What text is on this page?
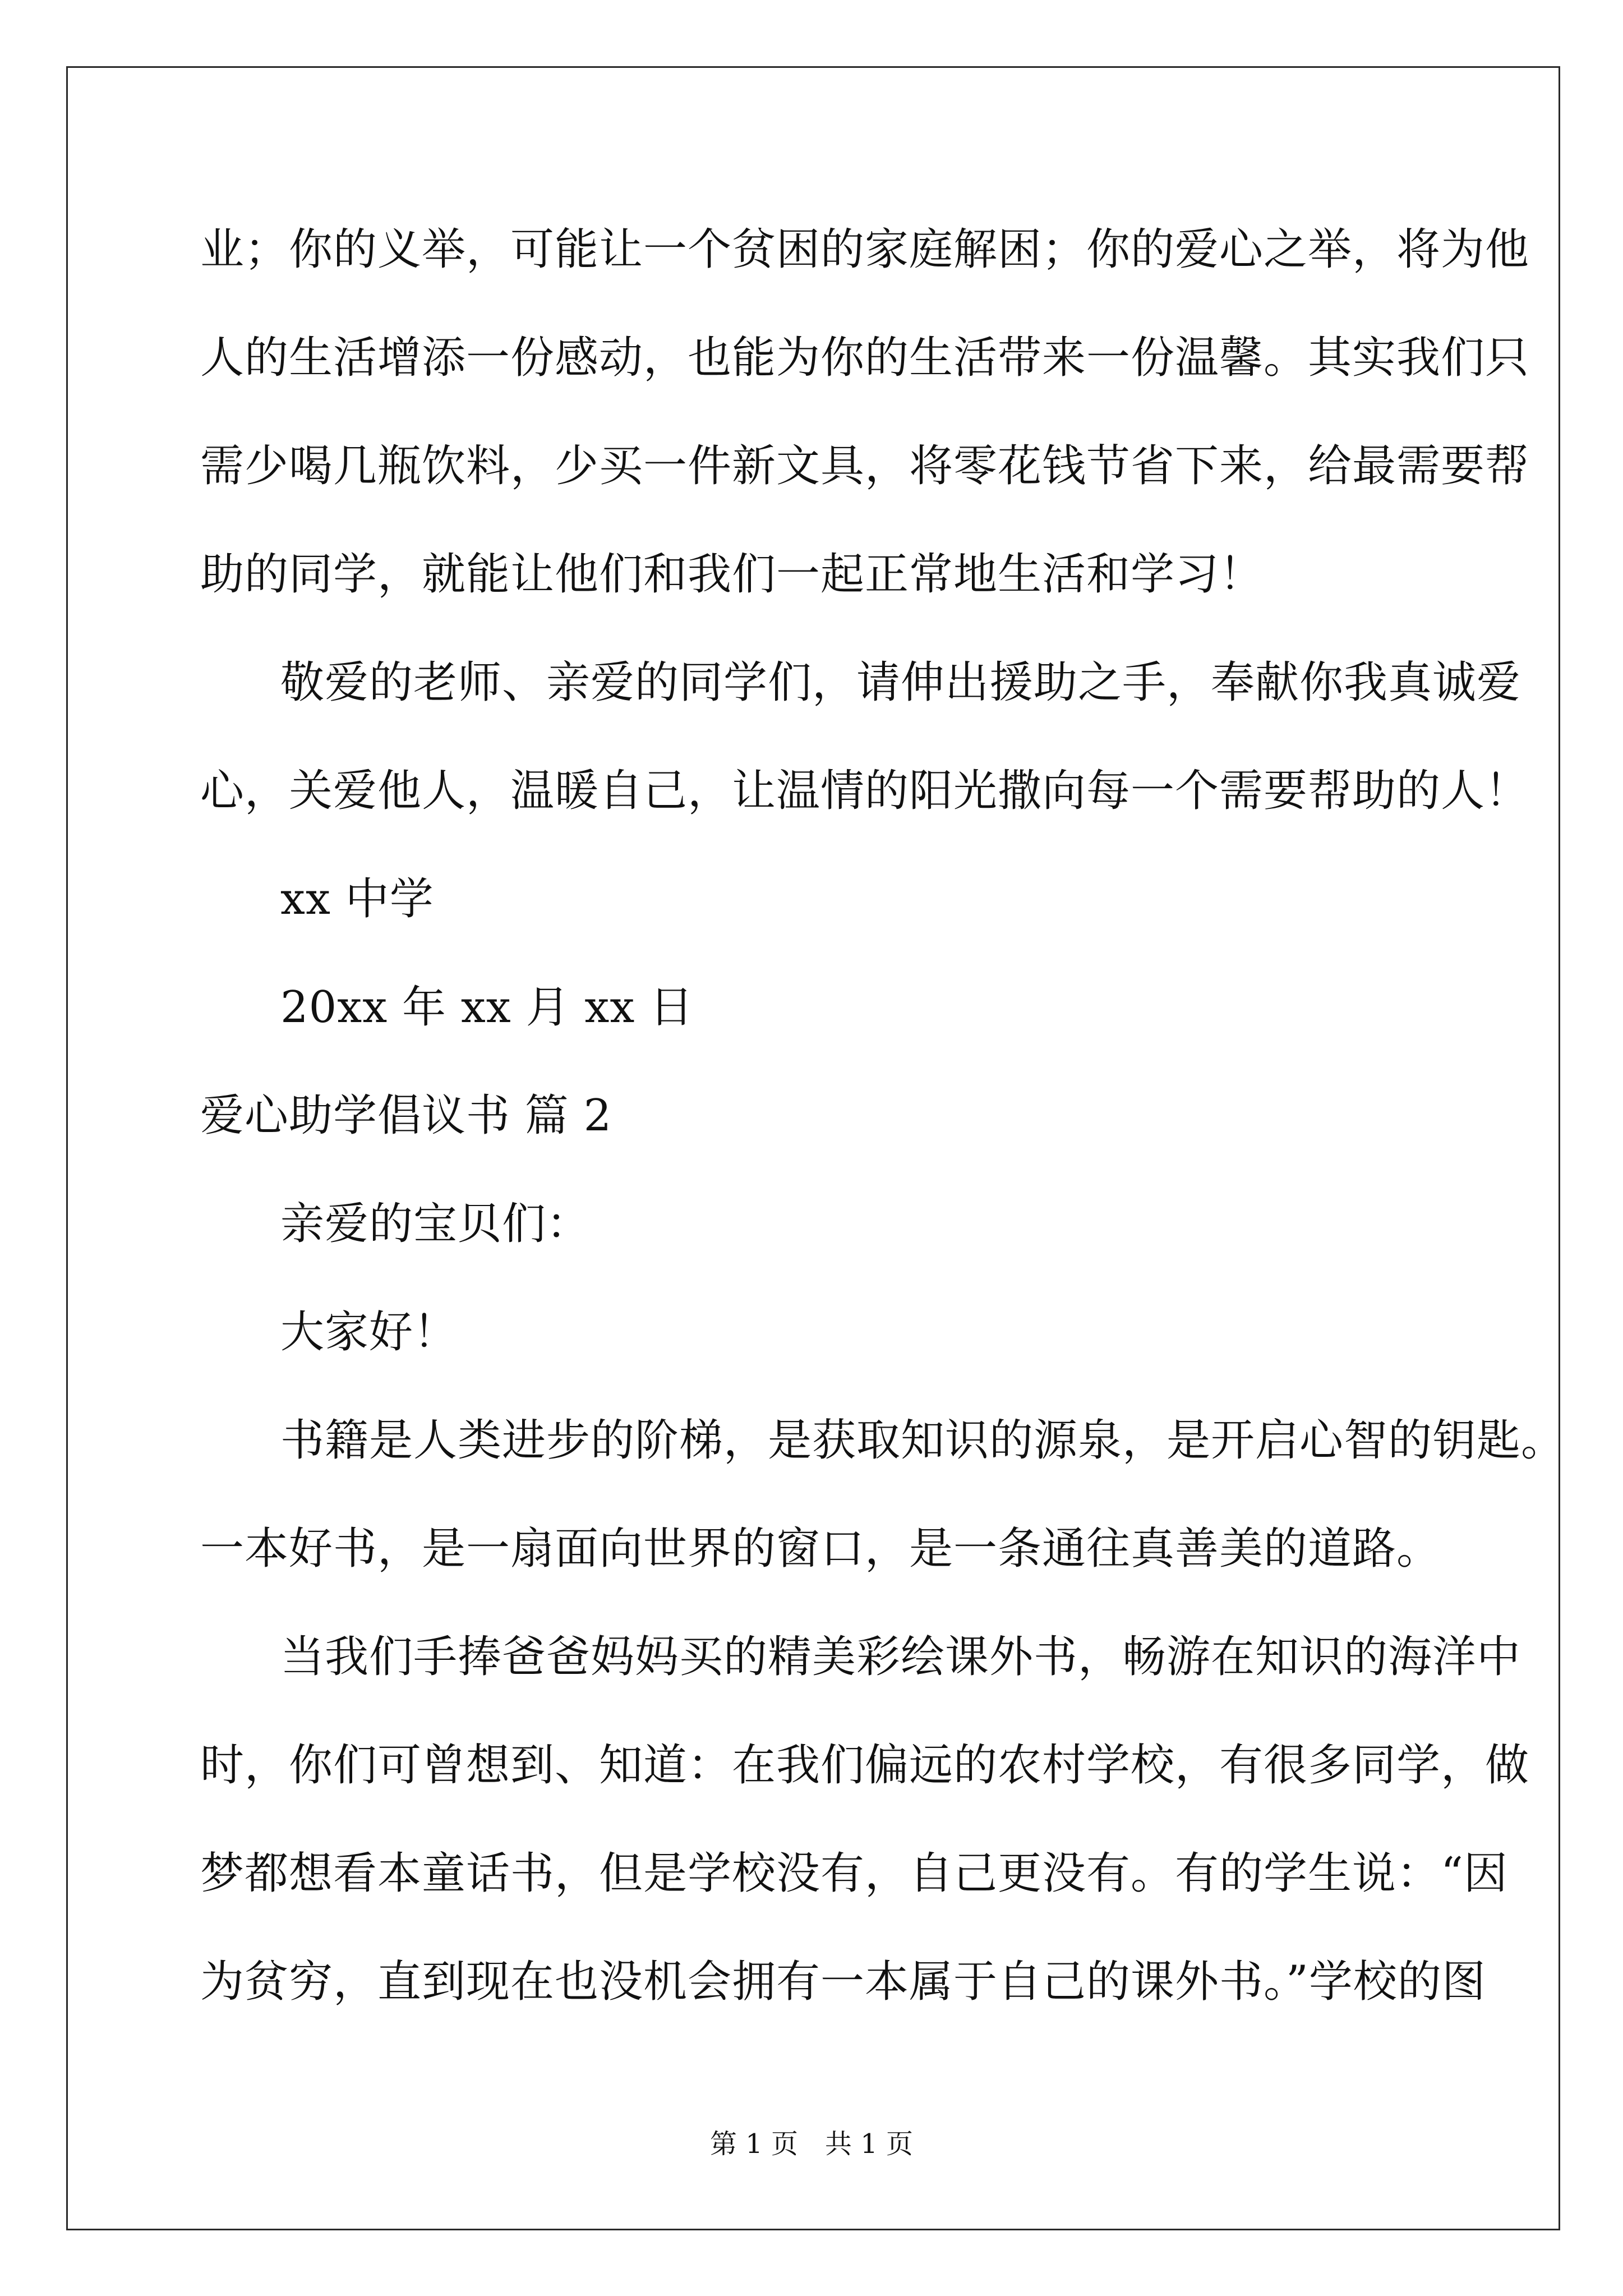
业；你的义举，可能让一个贫困的家庭解困；你的爱心之举，将为他
人的生活增添一份感动，也能为你的生活带来一份温馨。其实我们只
需少喝几瓶饮料，少买一件新文具，将零花钱节省下来，给最需要帮
助的同学，就能让他们和我们一起正常地生活和学习！
敬爱的老师、亲爱的同学们，请伸出援助之手，奉献你我真诚爱
心，关爱他人，温暖自己，让温情的阳光撒向每一个需要帮助的人！
xx 中学
20xx 年 xx 月 xx 日
爱心助学倡议书 篇 2
亲爱的宝贝们：
大家好！
书籍是人类进步的阶梯，是获取知识的源泉，是开启心智的钥匙。
一本好书，是一扇面向世界的窗口，是一条通往真善美的道路。
当我们手捧爸爸妈妈买的精美彩绘课外书，畅游在知识的海洋中
时，你们可曾想到、知道：在我们偏远的农村学校，有很多同学，做
梦都想看本童话书，但是学校没有，自己更没有。有的学生说：“因
为贫穷，直到现在也没机会拥有一本属于自己的课外书。”学校的图
第 1 页　共 1 页
